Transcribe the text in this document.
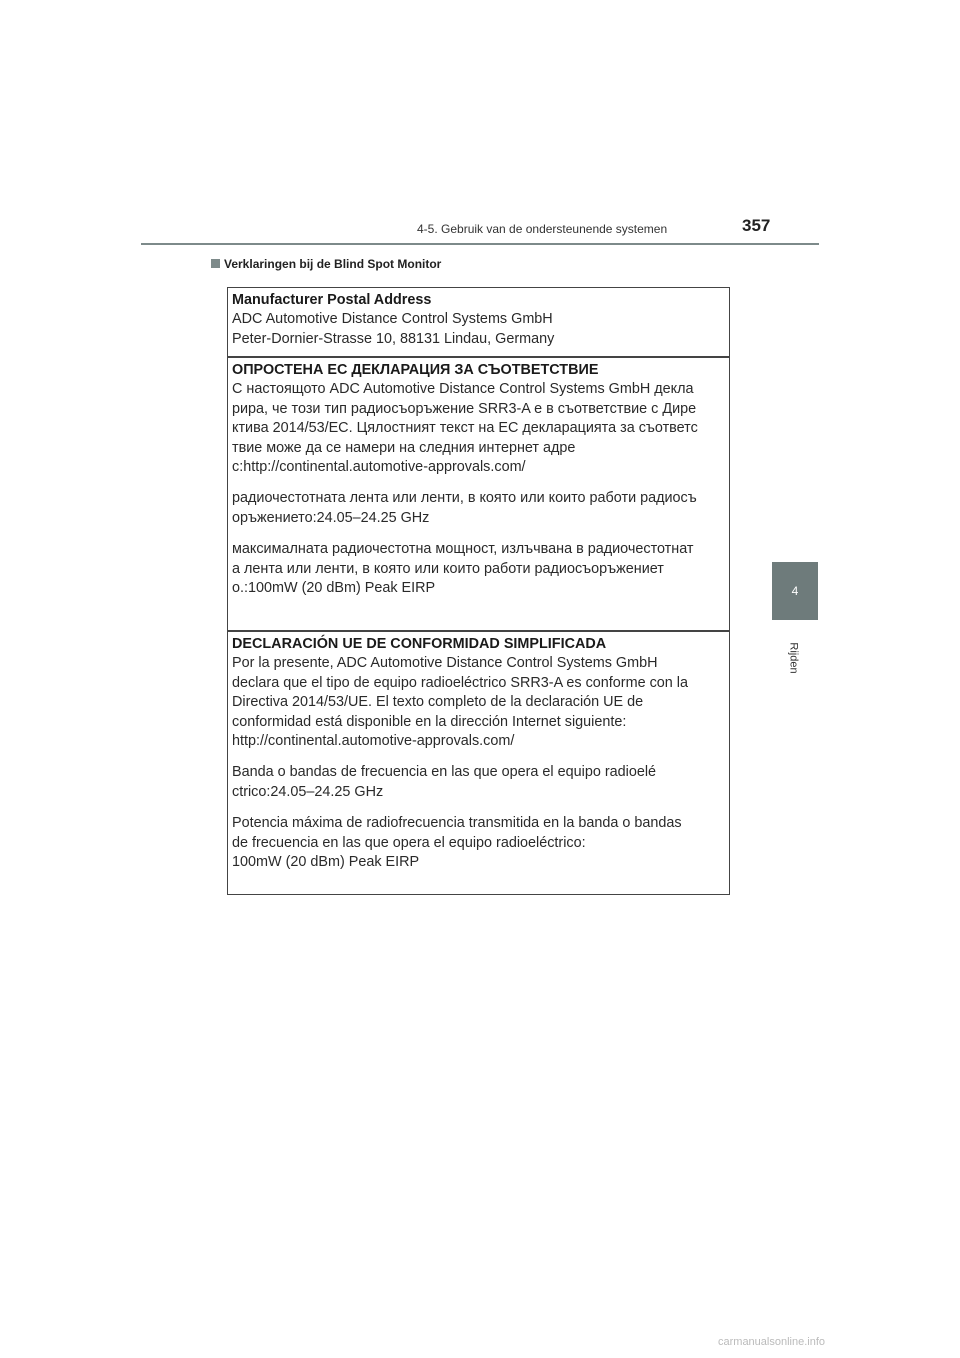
4-5. Gebruik van de ondersteunende systemen	357
4
Rijden
Verklaringen bij de Blind Spot Monitor
Manufacturer Postal Address
ADC Automotive Distance Control Systems GmbH
Peter-Dornier-Strasse 10, 88131 Lindau, Germany
ОПРОСТЕНА ЕС ДЕКЛАРАЦИЯ ЗА СЪОТВЕТСТВИЕ
С настоящото ADC Automotive Distance Control Systems GmbH декла
рира, че този тип радиосъоръжение SRR3-A е в съответствие с Дире
ктива 2014/53/ЕС. Цялостният текст на ЕС декларацията за съответс
твие може да се намери на следния интернет адре
с:http://continental.automotive-approvals.com/
радиочестотната лента или ленти, в която или които работи радиосъ
оръжението:24.05–24.25 GHz
максималната радиочестотна мощност, излъчвана в радиочестотнат
а лента или ленти, в която или които работи радиосъоръжениет
о.:100mW (20 dBm) Peak EIRP
DECLARACIÓN UE DE CONFORMIDAD SIMPLIFICADA
Por la presente, ADC Automotive Distance Control Systems GmbH
declara que el tipo de equipo radioeléctrico SRR3-A es conforme con la
Directiva 2014/53/UE. El texto completo de la declaración UE de
conformidad está disponible en la dirección Internet siguiente:
http://continental.automotive-approvals.com/
Banda o bandas de frecuencia en las que opera el equipo radioelé
ctrico:24.05–24.25 GHz
Potencia máxima de radiofrecuencia transmitida en la banda o bandas
de frecuencia en las que opera el equipo radioeléctrico:
100mW (20 dBm) Peak EIRP
carmanualsonline.info
